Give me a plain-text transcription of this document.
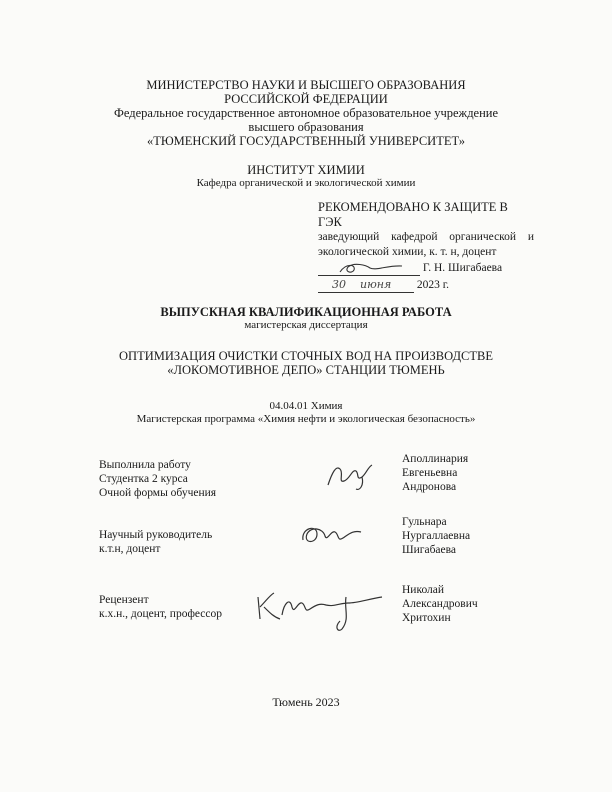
МИНИСТЕРСТВО НАУКИ И ВЫСШЕГО ОБРАЗОВАНИЯ
РОССИЙСКОЙ ФЕДЕРАЦИИ
Федеральное государственное автономное образовательное учреждение
высшего образования
«ТЮМЕНСКИЙ ГОСУДАРСТВЕННЫЙ УНИВЕРСИТЕТ»
ИНСТИТУТ ХИМИИ
Кафедра органической и экологической химии
РЕКОМЕНДОВАНО К ЗАЩИТЕ В ГЭК
заведующий кафедрой органической и
экологической химии, к. т. н, доцент
Г. Н. Шигабаева
30 июня 2023 г.
ВЫПУСКНАЯ КВАЛИФИКАЦИОННАЯ РАБОТА
магистерская диссертация
ОПТИМИЗАЦИЯ ОЧИСТКИ СТОЧНЫХ ВОД НА ПРОИЗВОДСТВЕ
«ЛОКОМОТИВНОЕ ДЕПО» СТАНЦИИ ТЮМЕНЬ
04.04.01 Химия
Магистерская программа «Химия нефти и экологическая безопасность»
Выполнила работу
Студентка 2 курса
Очной формы обучения
Аполлинария
Евгеньевна
Андронова
Научный руководитель
к.т.н, доцент
Гульнара
Нургаллаевна
Шигабаева
Рецензент
к.х.н., доцент, профессор
Николай
Александрович
Хритохин
Тюмень 2023
